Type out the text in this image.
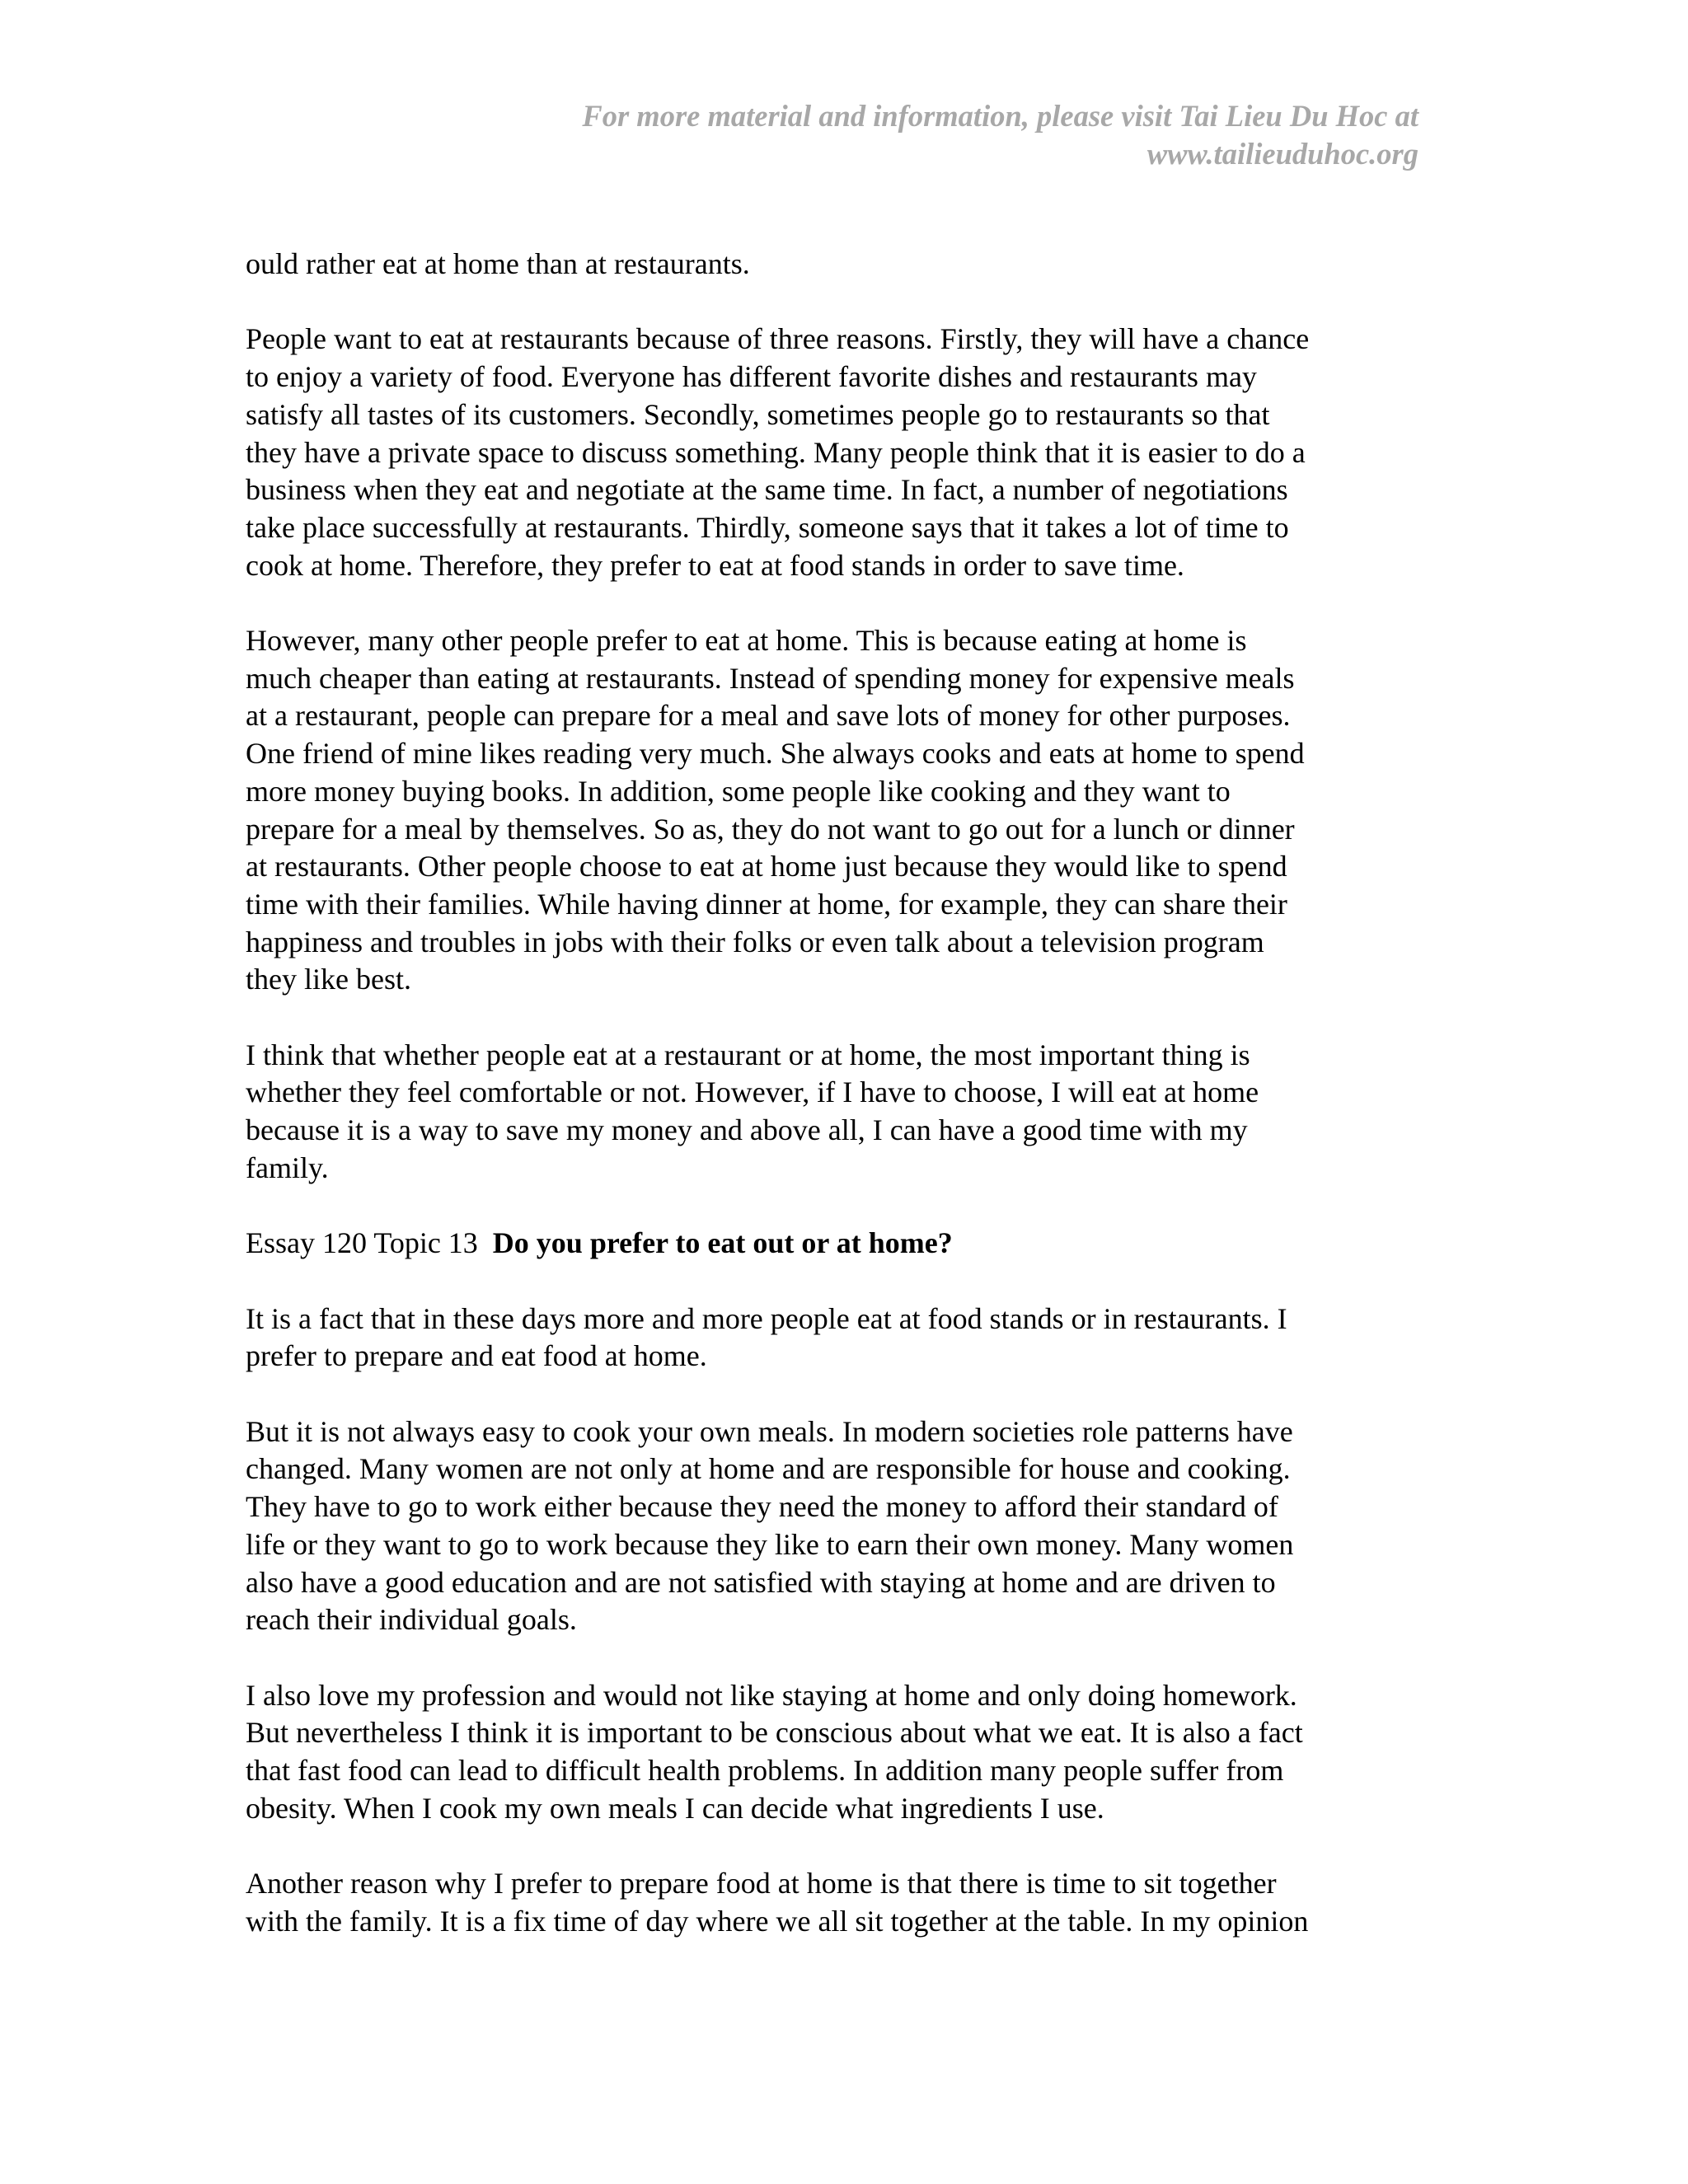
For more material and information, please visit Tai Lieu Du Hoc at
www.tailieuduhoc.org
ould rather eat at home than at restaurants.
People want to eat at restaurants because of three reasons. Firstly, they will have a chance
to enjoy a variety of food. Everyone has different favorite dishes and restaurants may
satisfy all tastes of its customers. Secondly, sometimes people go to restaurants so that
they have a private space to discuss something. Many people think that it is easier to do a
business when they eat and negotiate at the same time. In fact, a number of negotiations
take place successfully at restaurants. Thirdly, someone says that it takes a lot of time to
cook at home. Therefore, they prefer to eat at food stands in order to save time.
However, many other people prefer to eat at home. This is because eating at home is
much cheaper than eating at restaurants. Instead of spending money for expensive meals
at a restaurant, people can prepare for a meal and save lots of money for other purposes.
One friend of mine likes reading very much. She always cooks and eats at home to spend
more money buying books. In addition, some people like cooking and they want to
prepare for a meal by themselves. So as, they do not want to go out for a lunch or dinner
at restaurants. Other people choose to eat at home just because they would like to spend
time with their families. While having dinner at home, for example, they can share their
happiness and troubles in jobs with their folks or even talk about a television program
they like best.
I think that whether people eat at a restaurant or at home, the most important thing is
whether they feel comfortable or not. However, if I have to choose, I will eat at home
because it is a way to save my money and above all, I can have a good time with my
family.
Essay 120 Topic 13 Do you prefer to eat out or at home?
It is a fact that in these days more and more people eat at food stands or in restaurants. I
prefer to prepare and eat food at home.
But it is not always easy to cook your own meals. In modern societies role patterns have
changed. Many women are not only at home and are responsible for house and cooking.
They have to go to work either because they need the money to afford their standard of
life or they want to go to work because they like to earn their own money. Many women
also have a good education and are not satisfied with staying at home and are driven to
reach their individual goals.
I also love my profession and would not like staying at home and only doing homework.
But nevertheless I think it is important to be conscious about what we eat. It is also a fact
that fast food can lead to difficult health problems. In addition many people suffer from
obesity. When I cook my own meals I can decide what ingredients I use.
Another reason why I prefer to prepare food at home is that there is time to sit together
with the family. It is a fix time of day where we all sit together at the table. In my opinion
